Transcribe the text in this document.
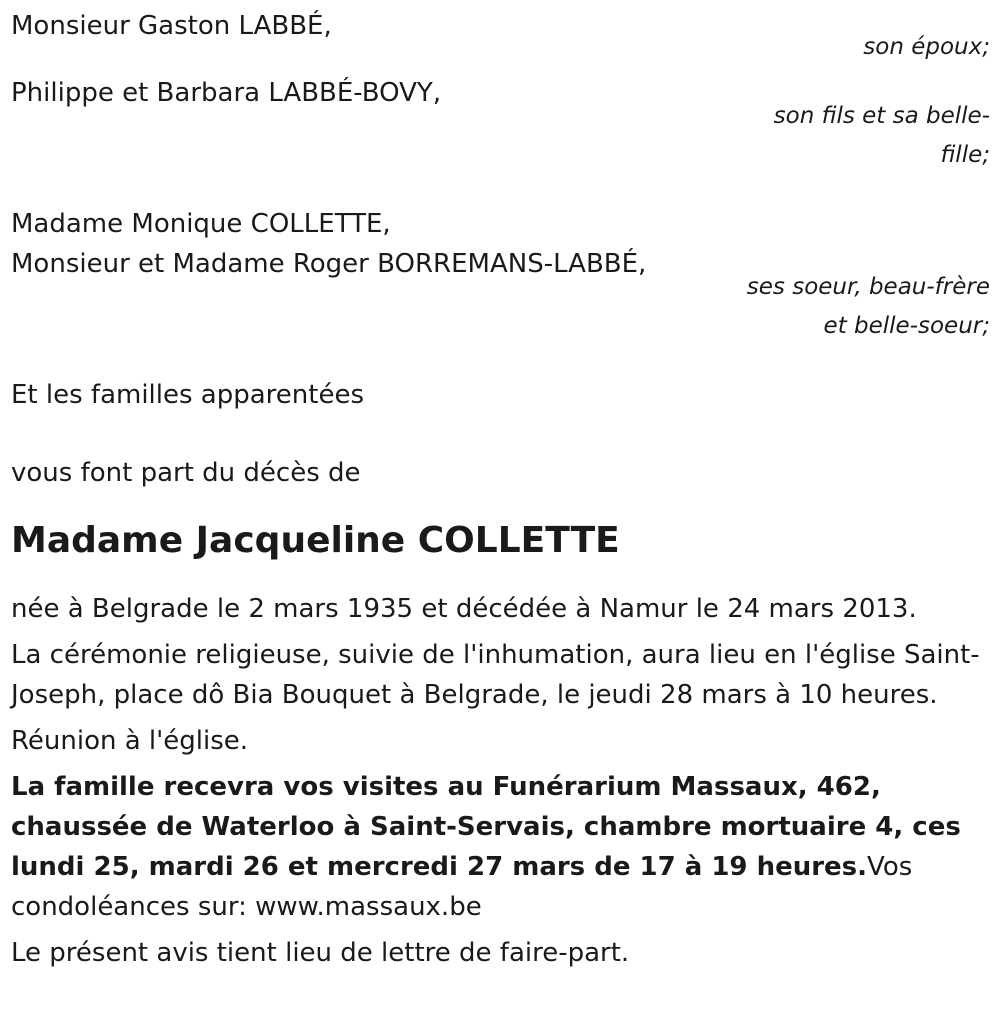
Monsieur Gaston LABBÉ,

son époux;

Philippe et Barbara LABBÉ-BOVY,

son fils et sa belle-fille;

Madame Monique COLLETTE,

Monsieur et Madame Roger BORREMANS-LABBÉ,

ses soeur, beau-frère et belle-soeur;

Et les familles apparentées

vous font part du décès de

Madame Jacqueline COLLETTE

née à Belgrade le 2 mars 1935 et décédée à Namur le 24 mars 2013.

La cérémonie religieuse, suivie de l'inhumation, aura lieu en l'église Saint-Joseph, place dô Bia Bouquet à Belgrade, le jeudi 28 mars à 10 heures.

Réunion à l'église.

La famille recevra vos visites au Funérarium Massaux, 462, chaussée de Waterloo à Saint-Servais, chambre mortuaire 4, ces lundi 25, mardi 26 et mercredi 27 mars de 17 à 19 heures.Vos condoléances sur: www.massaux.be

Le présent avis tient lieu de lettre de faire-part.
